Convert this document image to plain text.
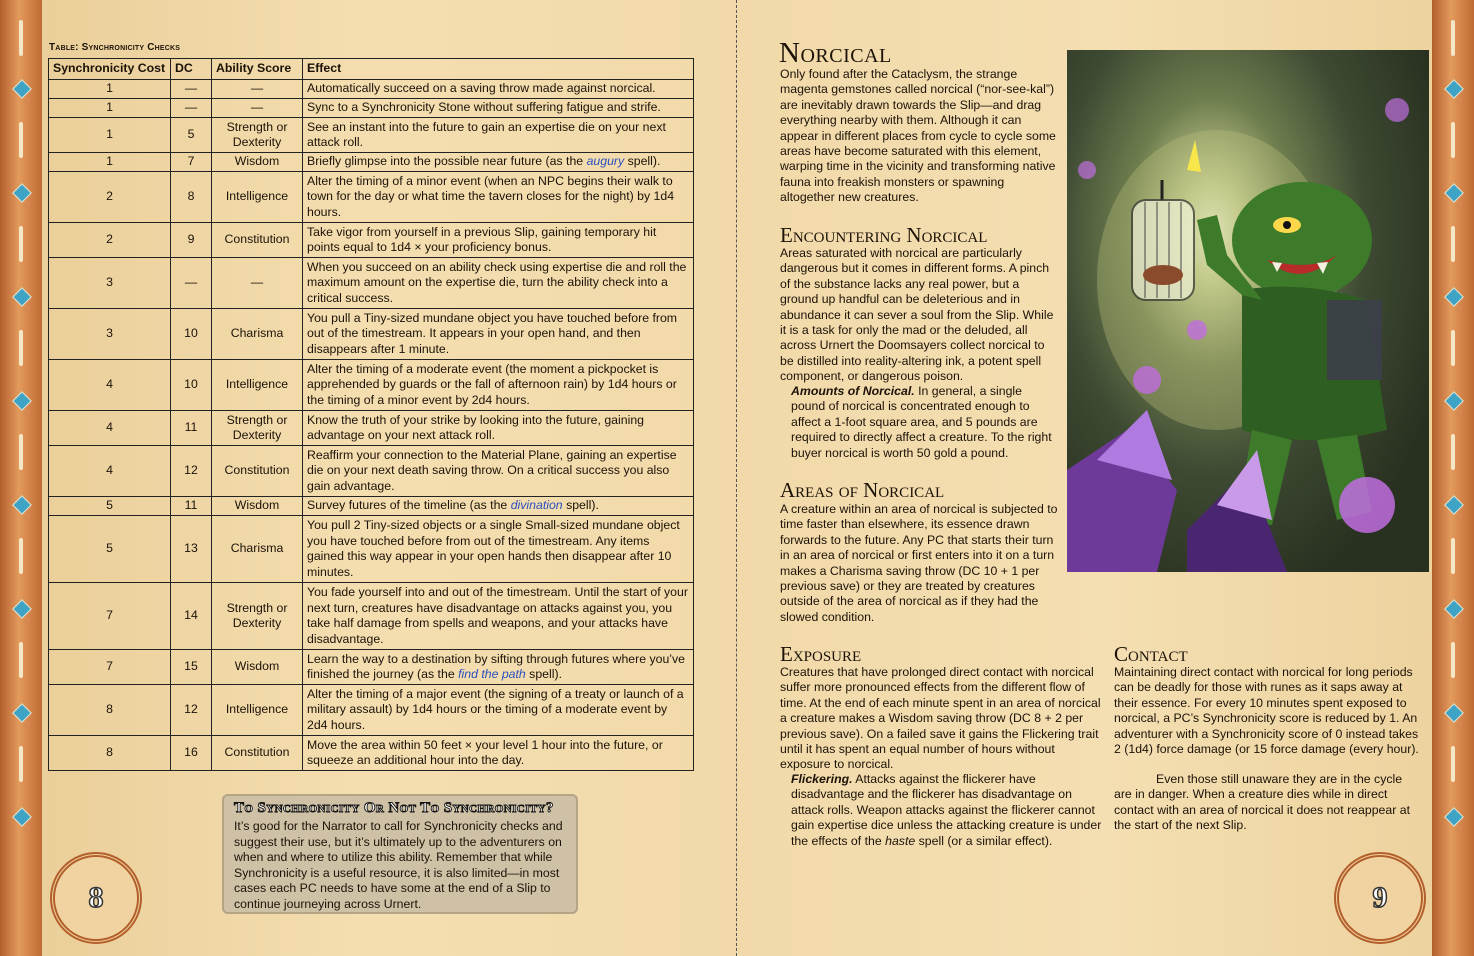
Table: Synchronicity Checks
Synchronicity Cost	DC	Ability Score	Effect
1	—	—	Automatically succeed on a saving throw made against norcical.
1	—	—	Sync to a Synchronicity Stone without suffering fatigue and strife.
1	5	Strength or Dexterity	See an instant into the future to gain an expertise die on your next attack roll.
1	7	Wisdom	Briefly glimpse into the possible near future (as the augury spell).
2	8	Intelligence	Alter the timing of a minor event (when an NPC begins their walk to town for the day or what time the tavern closes for the night) by 1d4 hours.
2	9	Constitution	Take vigor from yourself in a previous Slip, gaining temporary hit points equal to 1d4 × your proficiency bonus.
3	—	—	When you succeed on an ability check using expertise die and roll the maximum amount on the expertise die, turn the ability check into a critical success.
3	10	Charisma	You pull a Tiny-sized mundane object you have touched before from out of the timestream. It appears in your open hand, and then disappears after 1 minute.
4	10	Intelligence	Alter the timing of a moderate event (the moment a pickpocket is apprehended by guards or the fall of afternoon rain) by 1d4 hours or the timing of a minor event by 2d4 hours.
4	11	Strength or Dexterity	Know the truth of your strike by looking into the future, gaining advantage on your next attack roll.
4	12	Constitution	Reaffirm your connection to the Material Plane, gaining an expertise die on your next death saving throw. On a critical success you also gain advantage.
5	11	Wisdom	Survey futures of the timeline (as the divination spell).
5	13	Charisma	You pull 2 Tiny-sized objects or a single Small-sized mundane object you have touched before from out of the timestream. Any items gained this way appear in your open hands then disappear after 10 minutes.
7	14	Strength or Dexterity	You fade yourself into and out of the timestream. Until the start of your next turn, creatures have disadvantage on attacks against you, you take half damage from spells and weapons, and your attacks have disadvantage.
7	15	Wisdom	Learn the way to a destination by sifting through futures where you’ve finished the journey (as the find the path spell).
8	12	Intelligence	Alter the timing of a major event (the signing of a treaty or launch of a military assault) by 1d4 hours or the timing of a moderate event by 2d4 hours.
8	16	Constitution	Move the area within 50 feet × your level 1 hour into the future, or squeeze an additional hour into the day.
To Synchronicity Or Not To Synchronicity?

It’s good for the Narrator to call for Synchronicity checks and suggest their use, but it’s ultimately up to the adventurers on when and where to utilize this ability. Remember that while Synchronicity is a useful resource, it is also limited—in most cases each PC needs to have some at the end of a Slip to continue journeying across Urnert.

8
Norcical

Only found after the Cataclysm, the strange magenta gemstones called norcical (“nor-see-kal”) are inevitably drawn towards the Slip—and drag everything nearby with them. Although it can appear in different places from cycle to cycle some areas have become saturated with this element, warping time in the vicinity and transforming native fauna into freakish monsters or spawning altogether new creatures.

Encountering Norcical

Areas saturated with norcical are particularly dangerous but it comes in different forms. A pinch of the substance lacks any real power, but a ground up handful can be deleterious and in abundance it can sever a soul from the Slip. While it is a task for only the mad or the deluded, all across Urnert the Doomsayers collect norcical to be distilled into reality-altering ink, a potent spell component, or dangerous poison.

Amounts of Norcical. In general, a single pound of norcical is concentrated enough to affect a 1-foot square area, and 5 pounds are required to directly affect a creature. To the right buyer norcical is worth 50 gold a pound.

Areas of Norcical

A creature within an area of norcical is subjected to time faster than elsewhere, its essence drawn forwards to the future. Any PC that starts their turn in an area of norcical or first enters into it on a turn makes a Charisma saving throw (DC 10 + 1 per previous save) or they are treated by creatures outside of the area of norcical as if they had the slowed condition.

Exposure

Creatures that have prolonged direct contact with norcical suffer more pronounced effects from the different flow of time. At the end of each minute spent in an area of norcical a creature makes a Wisdom saving throw (DC 8 + 2 per previous save). On a failed save it gains the Flickering trait until it has spent an equal number of hours without exposure to norcical.

Flickering. Attacks against the flickerer have disadvantage and the flickerer has disadvantage on attack rolls. Weapon attacks against the flickerer cannot gain expertise dice unless the attacking creature is under the effects of the haste spell (or a similar effect).

Contact

Maintaining direct contact with norcical for long periods can be deadly for those with runes as it saps away at their essence. For every 10 minutes spent exposed to norcical, a PC’s Synchronicity score is reduced by 1. An adventurer with a Synchronicity score of 0 instead takes 2 (1d4) force damage (or 15 force damage (every hour).

Even those still unaware they are in the cycle are in danger. When a creature dies while in direct contact with an area of norcical it does not reappear at the start of the next Slip.

9
